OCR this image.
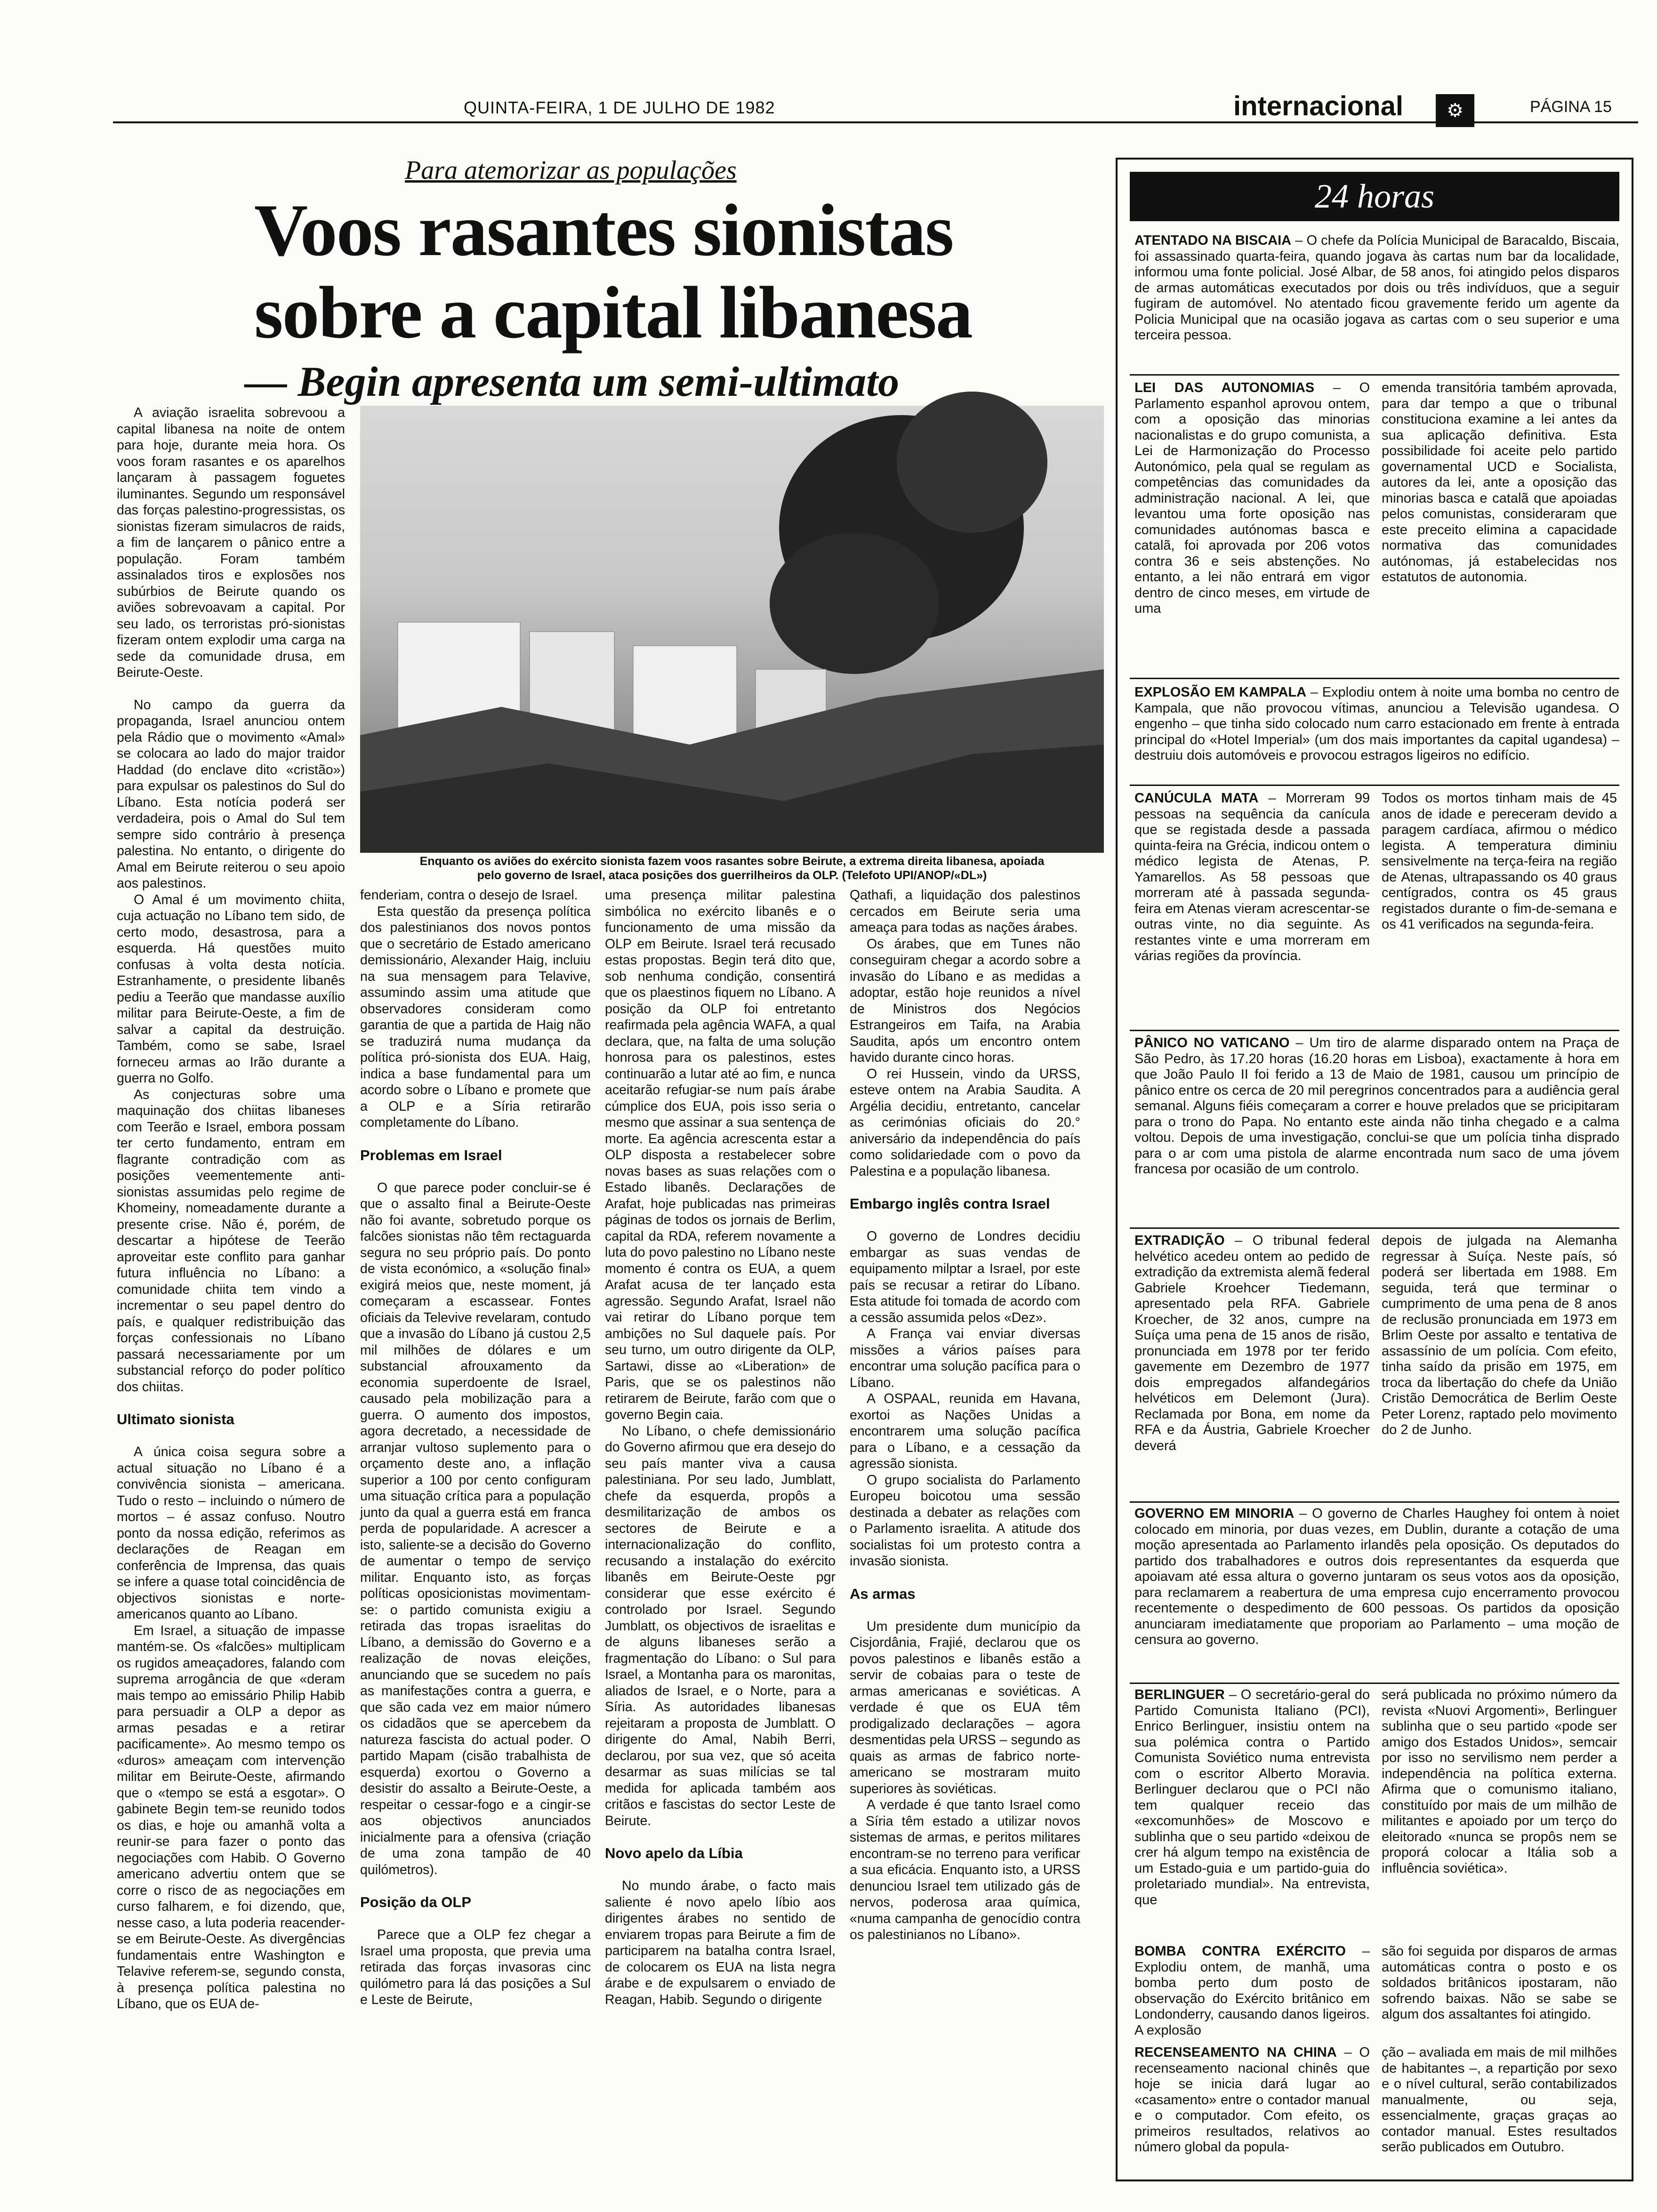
QUINTA-FEIRA, 1 DE JULHO DE 1982	internacional	⚙	PÁGINA 15
Para atemorizar as populações
Voos rasantes sionistas
sobre a capital libanesa
— Begin apresenta um semi-ultimato
Enquanto os aviões do exército sionista fazem voos rasantes sobre Beirute, a extrema direita libanesa, apoiada
pelo governo de Israel, ataca posições dos guerrilheiros da OLP. (Telefoto UPI/ANOP/«DL»)

A aviação israelita sobrevoou a capital libanesa na noite de ontem para hoje, durante meia hora. Os voos foram rasantes e os aparelhos lançaram à passagem foguetes iluminantes. Segundo um responsável das forças palestino-progressistas, os sionistas fizeram simulacros de raids, a fim de lançarem o pânico entre a população. Foram também assinalados tiros e explosões nos subúrbios de Beirute quando os aviões sobrevoavam a capital. Por seu lado, os terroristas pró-sionistas fizeram ontem explodir uma carga na sede da comunidade drusa, em Beirute-Oeste.

No campo da guerra da propaganda, Israel anunciou ontem pela Rádio que o movimento «Amal» se colocara ao lado do major traidor Haddad (do enclave dito «cristão») para expulsar os palestinos do Sul do Líbano. Esta notícia poderá ser verdadeira, pois o Amal do Sul tem sempre sido contrário à presença palestina. No entanto, o dirigente do Amal em Beirute reiterou o seu apoio aos palestinos.

O Amal é um movimento chiita, cuja actuação no Líbano tem sido, de certo modo, desastrosa, para a esquerda. Há questões muito confusas à volta desta notícia. Estranhamente, o presidente libanês pediu a Teerão que mandasse auxílio militar para Beirute-Oeste, a fim de salvar a capital da destruição. Também, como se sabe, Israel forneceu armas ao Irão durante a guerra no Golfo.

As conjecturas sobre uma maquinação dos chiitas libaneses com Teerão e Israel, embora possam ter certo fundamento, entram em flagrante contradição com as posições veementemente anti-sionistas assumidas pelo regime de Khomeiny, nomeadamente durante a presente crise. Não é, porém, de descartar a hipótese de Teerão aproveitar este conflito para ganhar futura influência no Líbano: a comunidade chiita tem vindo a incrementar o seu papel dentro do país, e qualquer redistribuição das forças confessionais no Líbano passará necessariamente por um substancial reforço do poder político dos chiitas.

Ultimato sionista

A única coisa segura sobre a actual situação no Líbano é a convivência sionista – americana. Tudo o resto – incluindo o número de mortos – é assaz confuso. Noutro ponto da nossa edição, referimos as declarações de Reagan em conferência de Imprensa, das quais se infere a quase total coincidência de objectivos sionistas e norte-americanos quanto ao Líbano.

Em Israel, a situação de impasse mantém-se. Os «falcões» multiplicam os rugidos ameaçadores, falando com suprema arrogância de que «deram mais tempo ao emissário Philip Habib para persuadir a OLP a depor as armas pesadas e a retirar pacificamente». Ao mesmo tempo os «duros» ameaçam com intervenção militar em Beirute-Oeste, afirmando que o «tempo se está a esgotar». O gabinete Begin tem-se reunido todos os dias, e hoje ou amanhã volta a reunir-se para fazer o ponto das negociações com Habib. O Governo americano advertiu ontem que se corre o risco de as negociações em curso falharem, e foi dizendo, que, nesse caso, a luta poderia reacender-se em Beirute-Oeste. As divergências fundamentais entre Washington e Telavive referem-se, segundo consta, à presença política palestina no Líbano, que os EUA de-

fenderiam, contra o desejo de Israel.

Esta questão da presença política dos palestinianos dos novos pontos que o secretário de Estado americano demissionário, Alexander Haig, incluiu na sua mensagem para Telavive, assumindo assim uma atitude que observadores consideram como garantia de que a partida de Haig não se traduzirá numa mudança da política pró-sionista dos EUA. Haig, indica a base fundamental para um acordo sobre o Líbano e promete que a OLP e a Síria retirarão completamente do Líbano.

Problemas em Israel

O que parece poder concluir-se é que o assalto final a Beirute-Oeste não foi avante, sobretudo porque os falcões sionistas não têm rectaguarda segura no seu próprio país. Do ponto de vista económico, a «solução final» exigirá meios que, neste moment, já começaram a escassear. Fontes oficiais da Televive revelaram, contudo que a invasão do Líbano já custou 2,5 mil milhões de dólares e um substancial afrouxamento da economia superdoente de Israel, causado pela mobilização para a guerra. O aumento dos impostos, agora decretado, a necessidade de arranjar vultoso suplemento para o orçamento deste ano, a inflação superior a 100 por cento configuram uma situação crítica para a população junto da qual a guerra está em franca perda de popularidade. A acrescer a isto, saliente-se a decisão do Governo de aumentar o tempo de serviço militar. Enquanto isto, as forças políticas oposicionistas movimentam-se: o partido comunista exigiu a retirada das tropas israelitas do Líbano, a demissão do Governo e a realização de novas eleições, anunciando que se sucedem no país as manifestações contra a guerra, e que são cada vez em maior número os cidadãos que se apercebem da natureza fascista do actual poder. O partido Mapam (cisão trabalhista de esquerda) exortou o Governo a desistir do assalto a Beirute-Oeste, a respeitar o cessar-fogo e a cingir-se aos objectivos anunciados inicialmente para a ofensiva (criação de uma zona tampão de 40 quilómetros).

Posição da OLP

Parece que a OLP fez chegar a Israel uma proposta, que previa uma retirada das forças invasoras cinc quilómetro para lá das posições a Sul e Leste de Beirute,

uma presença militar palestina simbólica no exército libanês e o funcionamento de uma missão da OLP em Beirute. Israel terá recusado estas propostas. Begin terá dito que, sob nenhuma condição, consentirá que os plaestinos fiquem no Líbano. A posição da OLP foi entretanto reafirmada pela agência WAFA, a qual declara, que, na falta de uma solução honrosa para os palestinos, estes continuarão a lutar até ao fim, e nunca aceitarão refugiar-se num país árabe cúmplice dos EUA, pois isso seria o mesmo que assinar a sua sentença de morte. Ea agência acrescenta estar a OLP disposta a restabelecer sobre novas bases as suas relações com o Estado libanês. Declarações de Arafat, hoje publicadas nas primeiras páginas de todos os jornais de Berlim, capital da RDA, referem novamente a luta do povo palestino no Líbano neste momento é contra os EUA, a quem Arafat acusa de ter lançado esta agressão. Segundo Arafat, Israel não vai retirar do Líbano porque tem ambições no Sul daquele país. Por seu turno, um outro dirigente da OLP, Sartawi, disse ao «Liberation» de Paris, que se os palestinos não retirarem de Beirute, farão com que o governo Begin caia.

No Líbano, o chefe demissionário do Governo afirmou que era desejo do seu país manter viva a causa palestiniana. Por seu lado, Jumblatt, chefe da esquerda, propôs a desmilitarização de ambos os sectores de Beirute e a internacionalização do conflito, recusando a instalação do exército libanês em Beirute-Oeste pgr considerar que esse exército é controlado por Israel. Segundo Jumblatt, os objectivos de israelitas e de alguns libaneses serão a fragmentação do Líbano: o Sul para Israel, a Montanha para os maronitas, aliados de Israel, e o Norte, para a Síria. As autoridades libanesas rejeitaram a proposta de Jumblatt. O dirigente do Amal, Nabih Berri, declarou, por sua vez, que só aceita desarmar as suas milícias se tal medida for aplicada também aos critãos e fascistas do sector Leste de Beirute.

Novo apelo da Líbia

No mundo árabe, o facto mais saliente é novo apelo líbio aos dirigentes árabes no sentido de enviarem tropas para Beirute a fim de participarem na batalha contra Israel, de colocarem os EUA na lista negra árabe e de expulsarem o enviado de Reagan, Habib. Segundo o dirigente

Qathafi, a liquidação dos palestinos cercados em Beirute seria uma ameaça para todas as nações árabes.

Os árabes, que em Tunes não conseguiram chegar a acordo sobre a invasão do Líbano e as medidas a adoptar, estão hoje reunidos a nível de Ministros dos Negócios Estrangeiros em Taifa, na Arabia Saudita, após um encontro ontem havido durante cinco horas.

O rei Hussein, vindo da URSS, esteve ontem na Arabia Saudita. A Argélia decidiu, entretanto, cancelar as cerimónias oficiais do 20.° aniversário da independência do país como solidariedade com o povo da Palestina e a população libanesa.

Embargo inglês contra Israel

O governo de Londres decidiu embargar as suas vendas de equipamento milptar a Israel, por este país se recusar a retirar do Líbano. Esta atitude foi tomada de acordo com a cessão assumida pelos «Dez».

A França vai enviar diversas missões a vários países para encontrar uma solução pacífica para o Líbano.

A OSPAAL, reunida em Havana, exortoi as Nações Unidas a encontrarem uma solução pacífica para o Líbano, e a cessação da agressão sionista.

O grupo socialista do Parlamento Europeu boicotou uma sessão destinada a debater as relações com o Parlamento israelita. A atitude dos socialistas foi um protesto contra a invasão sionista.

As armas

Um presidente dum município da Cisjordânia, Frajié, declarou que os povos palestinos e libanês estão a servir de cobaias para o teste de armas americanas e soviéticas. A verdade é que os EUA têm prodigalizado declarações – agora desmentidas pela URSS – segundo as quais as armas de fabrico norte-americano se mostraram muito superiores às soviéticas.

A verdade é que tanto Israel como a Síria têm estado a utilizar novos sistemas de armas, e peritos militares encontram-se no terreno para verificar a sua eficácia. Enquanto isto, a URSS denunciou Israel tem utilizado gás de nervos, poderosa araa química, «numa campanha de genocídio contra os palestinianos no Líbano».

24 horas

ATENTADO NA BISCAIA – O chefe da Polícia Municipal de Baracaldo, Biscaia, foi assassinado quarta-feira, quando jogava às cartas num bar da localidade, informou uma fonte policial. José Albar, de 58 anos, foi atingido pelos disparos de armas automáticas executados por dois ou três indivíduos, que a seguir fugiram de automóvel. No atentado ficou gravemente ferido um agente da Policia Municipal que na ocasião jogava as cartas com o seu superior e uma terceira pessoa.

LEI DAS AUTONOMIAS – O Parlamento espanhol aprovou ontem, com a oposição das minorias nacionalistas e do grupo comunista, a Lei de Harmonização do Processo Autonómico, pela qual se regulam as competências das comunidades da administração nacional. A lei, que levantou uma forte oposição nas comunidades autónomas basca e catalã, foi aprovada por 206 votos contra 36 e seis abstenções. No entanto, a lei não entrará em vigor dentro de cinco meses, em virtude de uma

emenda transitória também aprovada, para dar tempo a que o tribunal constituciona examine a lei antes da sua aplicação definitiva. Esta possibilidade foi aceite pelo partido governamental UCD e Socialista, autores da lei, ante a oposição das minorias basca e catalã que apoiadas pelos comunistas, consideraram que este preceito elimina a capacidade normativa das comunidades autónomas, já estabelecidas nos estatutos de autonomia.

EXPLOSÃO EM KAMPALA – Explodiu ontem à noite uma bomba no centro de Kampala, que não provocou vítimas, anunciou a Televisão ugandesa. O engenho – que tinha sido colocado num carro estacionado em frente à entrada principal do «Hotel Imperial» (um dos mais importantes da capital ugandesa) – destruiu dois automóveis e provocou estragos ligeiros no edifício.

CANÚCULA MATA – Morreram 99 pessoas na sequência da canícula que se registada desde a passada quinta-feira na Grécia, indicou ontem o médico legista de Atenas, P. Yamarellos. As 58 pessoas que morreram até à passada segunda-feira em Atenas vieram acrescentar-se outras vinte, no dia seguinte. As restantes vinte e uma morreram em várias regiões da província.

Todos os mortos tinham mais de 45 anos de idade e pereceram devido a paragem cardíaca, afirmou o médico legista. A temperatura diminiu sensivelmente na terça-feira na região de Atenas, ultrapassando os 40 graus centígrados, contra os 45 graus registados durante o fim-de-semana e os 41 verificados na segunda-feira.

PÂNICO NO VATICANO – Um tiro de alarme disparado ontem na Praça de São Pedro, às 17.20 horas (16.20 horas em Lisboa), exactamente à hora em que João Paulo II foi ferido a 13 de Maio de 1981, causou um princípio de pânico entre os cerca de 20 mil peregrinos concentrados para a audiência geral semanal. Alguns fiéis começaram a correr e houve prelados que se pricipitaram para o trono do Papa. No entanto este ainda não tinha chegado e a calma voltou. Depois de uma investigação, conclui-se que um polícia tinha disprado para o ar com uma pistola de alarme encontrada num saco de uma jóvem francesa por ocasião de um controlo.

EXTRADIÇÃO – O tribunal federal helvético acedeu ontem ao pedido de extradição da extremista alemã federal Gabriele Kroehcer Tiedemann, apresentado pela RFA. Gabriele Kroecher, de 32 anos, cumpre na Suíça uma pena de 15 anos de risão, pronunciada em 1978 por ter ferido gavemente em Dezembro de 1977 dois empregados alfandegários helvéticos em Delemont (Jura). Reclamada por Bona, em nome da RFA e da Áustria, Gabriele Kroecher deverá

depois de julgada na Alemanha regressar à Suíça. Neste país, só poderá ser libertada em 1988. Em seguida, terá que terminar o cumprimento de uma pena de 8 anos de reclusão pronunciada em 1973 em Brlim Oeste por assalto e tentativa de assassínio de um polícia. Com efeito, tinha saído da prisão em 1975, em troca da libertação do chefe da União Cristão Democrática de Berlim Oeste Peter Lorenz, raptado pelo movimento do 2 de Junho.

GOVERNO EM MINORIA – O governo de Charles Haughey foi ontem à noiet colocado em minoria, por duas vezes, em Dublin, durante a cotação de uma moção apresentada ao Parlamento irlandês pela oposição. Os deputados do partido dos trabalhadores e outros dois representantes da esquerda que apoiavam até essa altura o governo juntaram os seus votos aos da oposição, para reclamarem a reabertura de uma empresa cujo encerramento provocou recentemente o despedimento de 600 pessoas. Os partidos da oposição anunciaram imediatamente que proporiam ao Parlamento – uma moção de censura ao governo.

BERLINGUER – O secretário-geral do Partido Comunista Italiano (PCI), Enrico Berlinguer, insistiu ontem na sua polémica contra o Partido Comunista Soviético numa entrevista com o escritor Alberto Moravia. Berlinguer declarou que o PCI não tem qualquer receio das «excomunhões» de Moscovo e sublinha que o seu partido «deixou de crer há algum tempo na existência de um Estado-guia e um partido-guia do proletariado mundial». Na entrevista, que

será publicada no próximo número da revista «Nuovi Argomenti», Berlinguer sublinha que o seu partido «pode ser amigo dos Estados Unidos», semcair por isso no servilismo nem perder a independência na política externa. Afirma que o comunismo italiano, constituído por mais de um milhão de militantes e apoiado por um terço do eleitorado «nunca se propôs nem se proporá colocar a Itália sob a influência soviética».

BOMBA CONTRA EXÉRCITO – Explodiu ontem, de manhã, uma bomba perto dum posto de observação do Exército britânico em Londonderry, causando danos ligeiros. A explosão

são foi seguida por disparos de armas automáticas contra o posto e os soldados britânicos ipostaram, não sofrendo baixas. Não se sabe se algum dos assaltantes foi atingido.

RECENSEAMENTO NA CHINA – O recenseamento nacional chinês que hoje se inicia dará lugar ao «casamento» entre o contador manual e o computador. Com efeito, os primeiros resultados, relativos ao número global da popula-

ção – avaliada em mais de mil milhões de habitantes –, a repartição por sexo e o nível cultural, serão contabilizados manualmente, ou seja, essencialmente, graças graças ao contador manual. Estes resultados serão publicados em Outubro.
